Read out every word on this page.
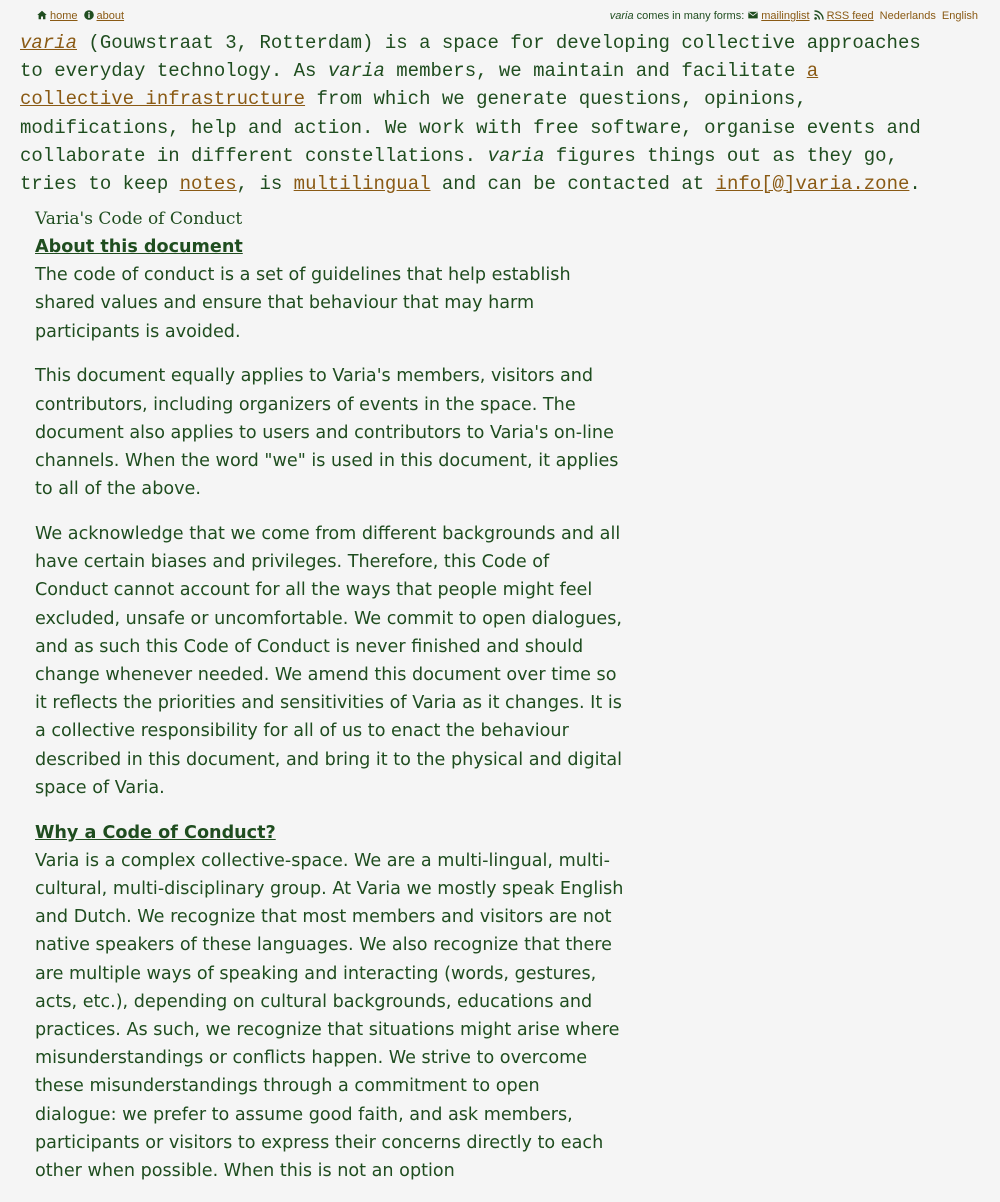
home about	varia comes in many forms: mailinglist RSS feed Nederlands English

varia (Gouwstraat 3, Rotterdam) is a space for developing collective approaches to everyday technology. As varia members, we maintain and facilitate a collective infrastructure from which we generate questions, opinions, modifications, help and action. We work with free software, organise events and collaborate in different constellations. varia figures things out as they go, tries to keep notes, is multilingual and can be contacted at info[@]varia.zone.

Varia's Code of Conduct
About this document

The code of conduct is a set of guidelines that help establish shared values and ensure that behaviour that may harm participants is avoided.

This document equally applies to Varia's members, visitors and contributors, including organizers of events in the space. The document also applies to users and contributors to Varia's on-line channels. When the word "we" is used in this document, it applies to all of the above.

We acknowledge that we come from different backgrounds and all have certain biases and privileges. Therefore, this Code of Conduct cannot account for all the ways that people might feel excluded, unsafe or uncomfortable. We commit to open dialogues, and as such this Code of Conduct is never finished and should change whenever needed. We amend this document over time so it reflects the priorities and sensitivities of Varia as it changes. It is a collective responsibility for all of us to enact the behaviour described in this document, and bring it to the physical and digital space of Varia.

Why a Code of Conduct?

Varia is a complex collective-space. We are a multi-lingual, multi-cultural, multi-disciplinary group. At Varia we mostly speak English and Dutch. We recognize that most members and visitors are not native speakers of these languages. We also recognize that there are multiple ways of speaking and interacting (words, gestures, acts, etc.), depending on cultural backgrounds, educations and practices. As such, we recognize that situations might arise where misunderstandings or conflicts happen. We strive to overcome these misunderstandings through a commitment to open dialogue: we prefer to assume good faith, and ask members, participants or visitors to express their concerns directly to each other when possible. When this is not an option
